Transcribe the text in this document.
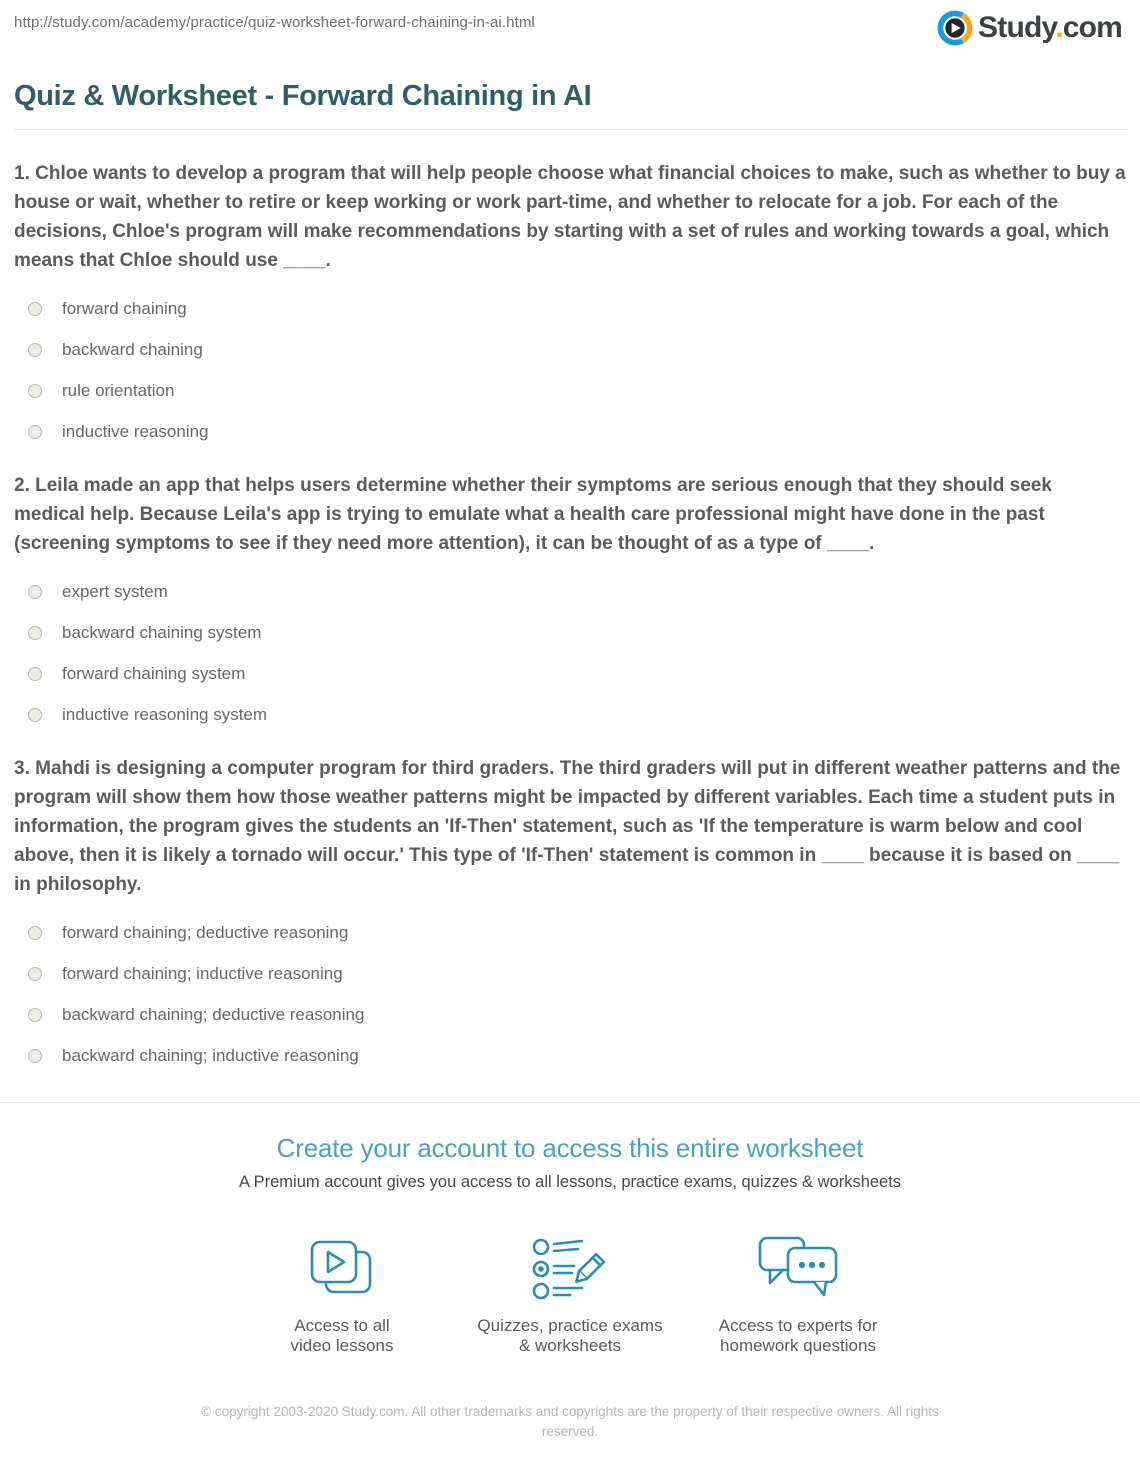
http://study.com/academy/practice/quiz-worksheet-forward-chaining-in-ai.html	Study.com
Quiz & Worksheet - Forward Chaining in AI

1. Chloe wants to develop a program that will help people choose what financial choices to make, such as whether to buy a house or wait, whether to retire or keep working or work part-time, and whether to relocate for a job. For each of the decisions, Chloe's program will make recommendations by starting with a set of rules and working towards a goal, which means that Chloe should use ____.

forward chaining
backward chaining
rule orientation
inductive reasoning

2. Leila made an app that helps users determine whether their symptoms are serious enough that they should seek medical help. Because Leila's app is trying to emulate what a health care professional might have done in the past (screening symptoms to see if they need more attention), it can be thought of as a type of ____.

expert system
backward chaining system
forward chaining system
inductive reasoning system

3. Mahdi is designing a computer program for third graders. The third graders will put in different weather patterns and the program will show them how those weather patterns might be impacted by different variables. Each time a student puts in information, the program gives the students an 'If-Then' statement, such as 'If the temperature is warm below and cool above, then it is likely a tornado will occur.' This type of 'If-Then' statement is common in ____ because it is based on ____ in philosophy.

forward chaining; deductive reasoning
forward chaining; inductive reasoning
backward chaining; deductive reasoning
backward chaining; inductive reasoning
Create your account to access this entire worksheet
A Premium account gives you access to all lessons, practice exams, quizzes & worksheets
Access to all
video lessons
Quizzes, practice exams
& worksheets
Access to experts for
homework questions
© copyright 2003-2020 Study.com. All other trademarks and copyrights are the property of their respective owners. All rights reserved.
